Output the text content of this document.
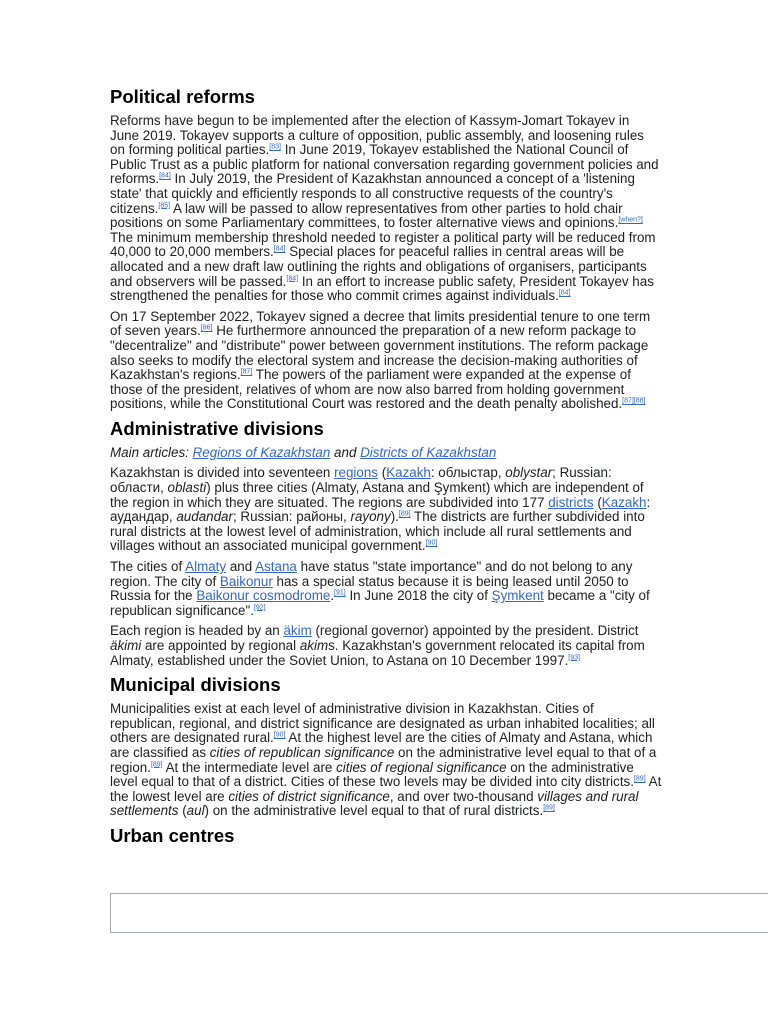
Political reforms

Reforms have begun to be implemented after the election of Kassym-Jomart Tokayev in June 2019. Tokayev supports a culture of opposition, public assembly, and loosening rules on forming political parties.[83] In June 2019, Tokayev established the National Council of Public Trust as a public platform for national conversation regarding government policies and reforms.[84] In July 2019, the President of Kazakhstan announced a concept of a 'listening state' that quickly and efficiently responds to all constructive requests of the country's citizens.[85] A law will be passed to allow representatives from other parties to hold chair positions on some Parliamentary committees, to foster alternative views and opinions.[when?] The minimum membership threshold needed to register a political party will be reduced from 40,000 to 20,000 members.[84] Special places for peaceful rallies in central areas will be allocated and a new draft law outlining the rights and obligations of organisers, participants and observers will be passed.[84] In an effort to increase public safety, President Tokayev has strengthened the penalties for those who commit crimes against individuals.[84]

On 17 September 2022, Tokayev signed a decree that limits presidential tenure to one term of seven years.[86] He furthermore announced the preparation of a new reform package to "decentralize" and "distribute" power between government institutions. The reform package also seeks to modify the electoral system and increase the decision-making authorities of Kazakhstan's regions.[87] The powers of the parliament were expanded at the expense of those of the president, relatives of whom are now also barred from holding government positions, while the Constitutional Court was restored and the death penalty abolished.[87][88]

Administrative divisions
Main articles: Regions of Kazakhstan and Districts of Kazakhstan

Kazakhstan is divided into seventeen regions (Kazakh: облыстар, oblystar; Russian: области, oblasti) plus three cities (Almaty, Astana and Şymkent) which are independent of the region in which they are situated. The regions are subdivided into 177 districts (Kazakh: аудандар, audandar; Russian: районы, rayony).[89] The districts are further subdivided into rural districts at the lowest level of administration, which include all rural settlements and villages without an associated municipal government.[90]

The cities of Almaty and Astana have status "state importance" and do not belong to any region. The city of Baikonur has a special status because it is being leased until 2050 to Russia for the Baikonur cosmodrome.[91] In June 2018 the city of Şymkent became a "city of republican significance".[92]

Each region is headed by an äkim (regional governor) appointed by the president. District äkimi are appointed by regional akims. Kazakhstan's government relocated its capital from Almaty, established under the Soviet Union, to Astana on 10 December 1997.[93]

Municipal divisions

Municipalities exist at each level of administrative division in Kazakhstan. Cities of republican, regional, and district significance are designated as urban inhabited localities; all others are designated rural.[90] At the highest level are the cities of Almaty and Astana, which are classified as cities of republican significance on the administrative level equal to that of a region.[89] At the intermediate level are cities of regional significance on the administrative level equal to that of a district. Cities of these two levels may be divided into city districts.[89] At the lowest level are cities of district significance, and over two-thousand villages and rural settlements (aul) on the administrative level equal to that of rural districts.[89]

Urban centres
